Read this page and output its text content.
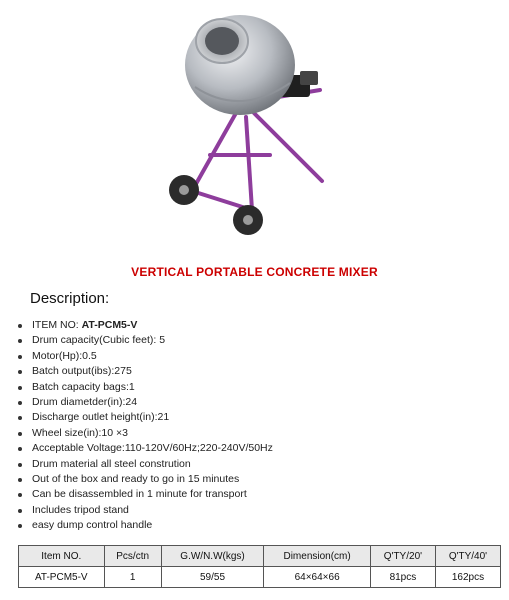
VERTICAL PORTABLE CONCRETE MIXER
Description:
ITEM NO: AT-PCM5-V
Drum capacity(Cubic feet): 5
Motor(Hp):0.5
Batch output(ibs):275
Batch capacity bags:1
Drum diametder(in):24
Discharge outlet height(in):21
Wheel size(in):10 ×3
Acceptable Voltage:110-120V/60Hz;220-240V/50Hz
Drum material all steel constrution
Out of the box and ready to go in 15 minutes
Can be disassembled in 1 minute for transport
Includes tripod stand
easy dump control handle
Item NO.	Pcs/ctn	G.W/N.W(kgs)	Dimension(cm)	Q'TY/20'	Q'TY/40'
AT-PCM5-V	1	59/55	64×64×66	81pcs	162pcs
